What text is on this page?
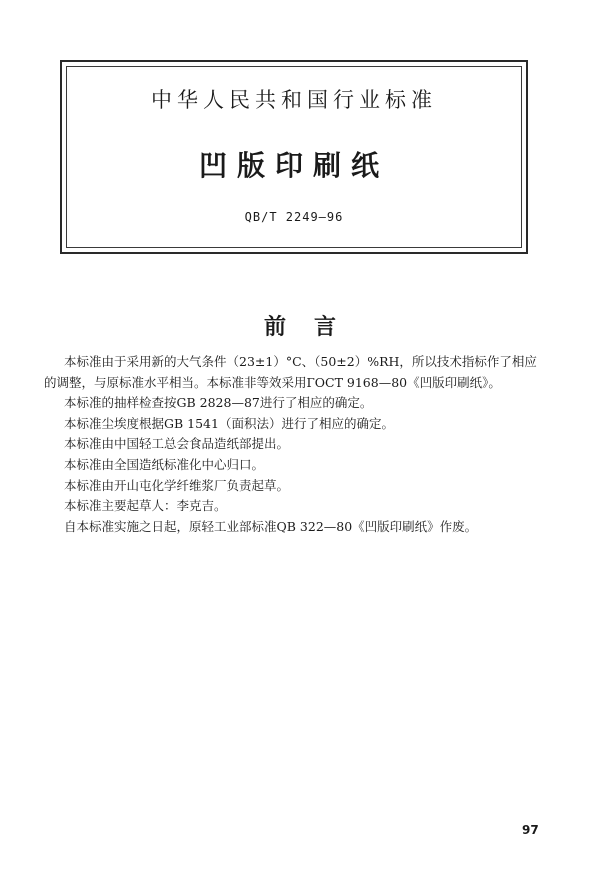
中华人民共和国行业标准
凹版印刷纸
QB/T 2249—96
前言

本标准由于采用新的大气条件（23±1）°C、（50±2）%RH，所以技术指标作了相应

的调整，与原标准水平相当。本标准非等效采用ГОСТ 9168—80《凹版印刷纸》。

本标准的抽样检查按GB 2828—87进行了相应的确定。

本标准尘埃度根据GB 1541（面积法）进行了相应的确定。

本标准由中国轻工总会食品造纸部提出。

本标准由全国造纸标准化中心归口。

本标准由开山屯化学纤维浆厂负责起草。

本标准主要起草人：李克吉。

自本标准实施之日起，原轻工业部标准QB 322—80《凹版印刷纸》作废。

97
